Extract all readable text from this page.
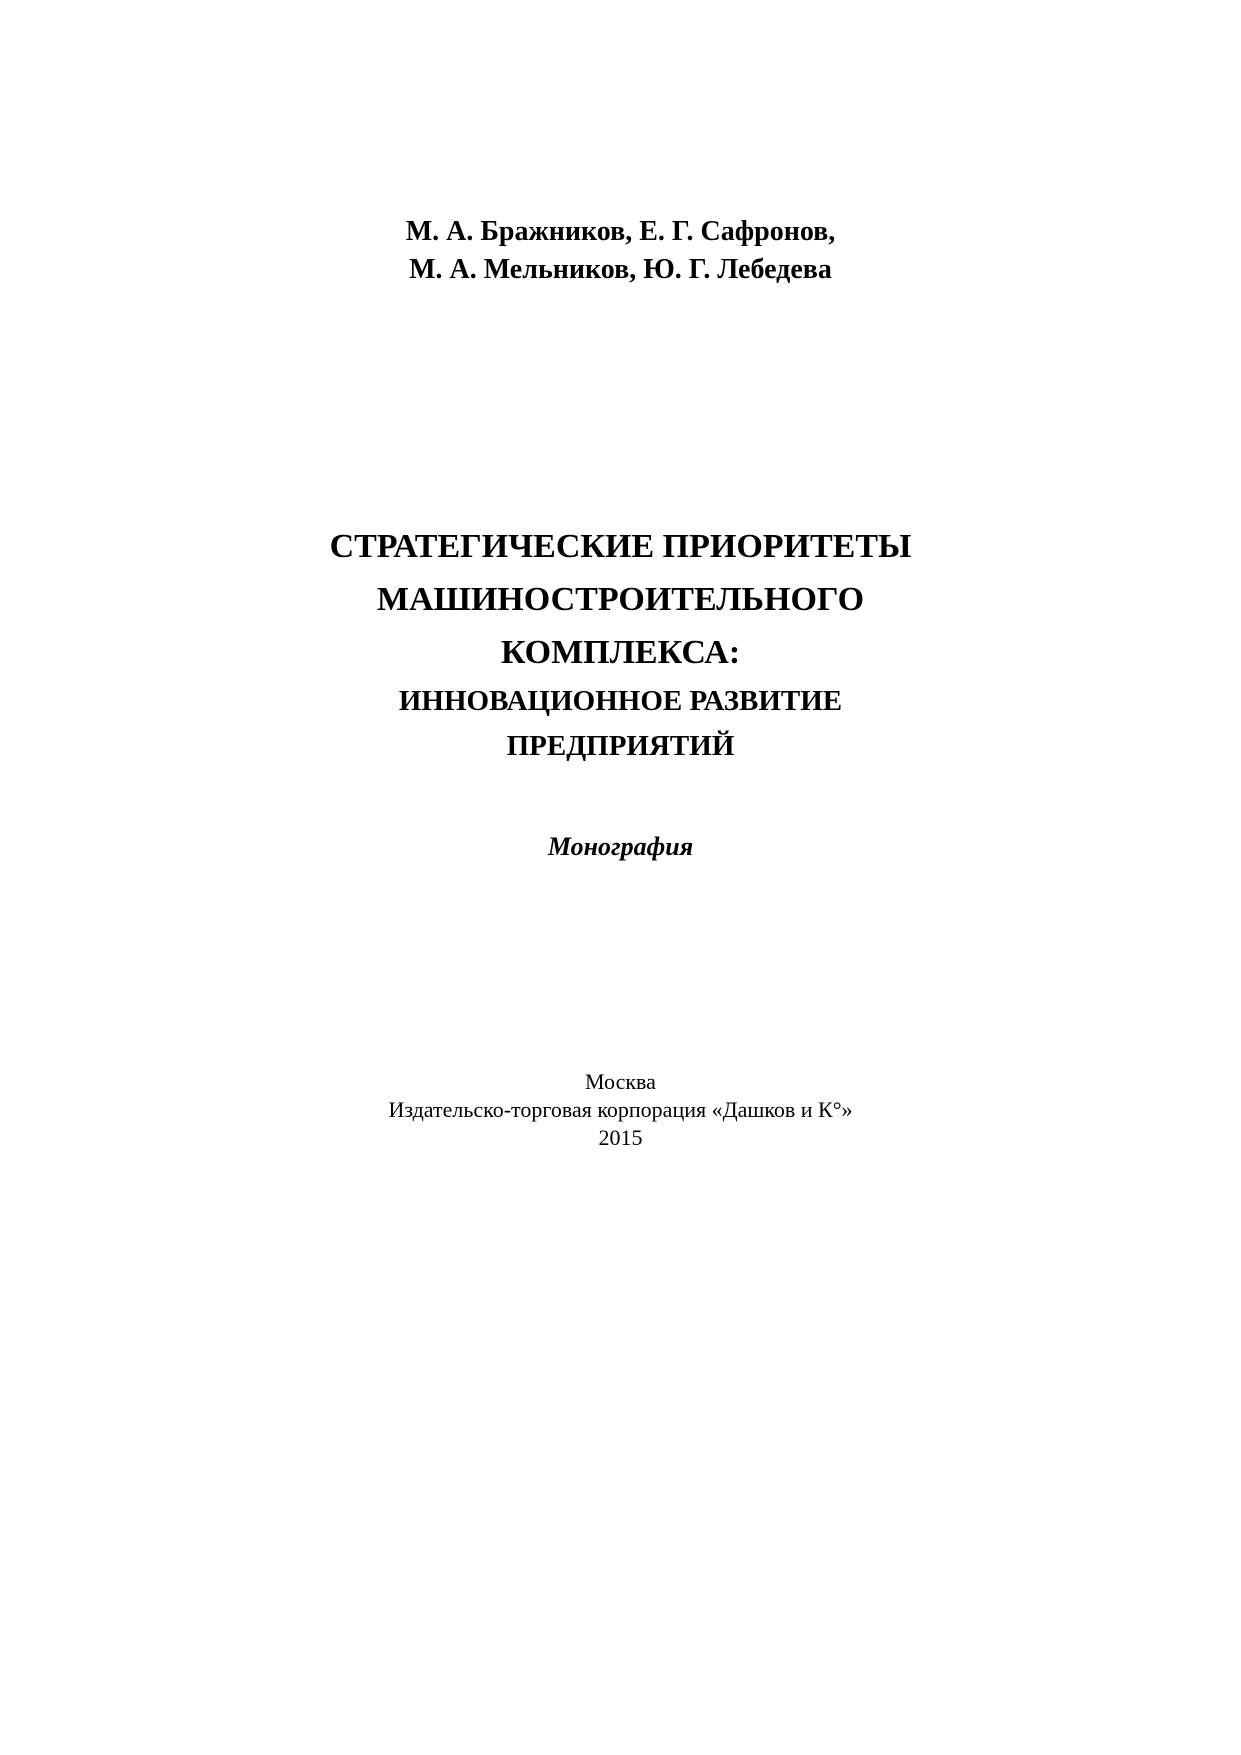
М. А. Бражников, Е. Г. Сафронов,
М. А. Мельников, Ю. Г. Лебедева
СТРАТЕГИЧЕСКИЕ ПРИОРИТЕТЫ
МАШИНОСТРОИТЕЛЬНОГО
КОМПЛЕКСА:
ИННОВАЦИОННОЕ РАЗВИТИЕ
ПРЕДПРИЯТИЙ
Монография
Москва
Издательско-торговая корпорация «Дашков и К°»
2015
